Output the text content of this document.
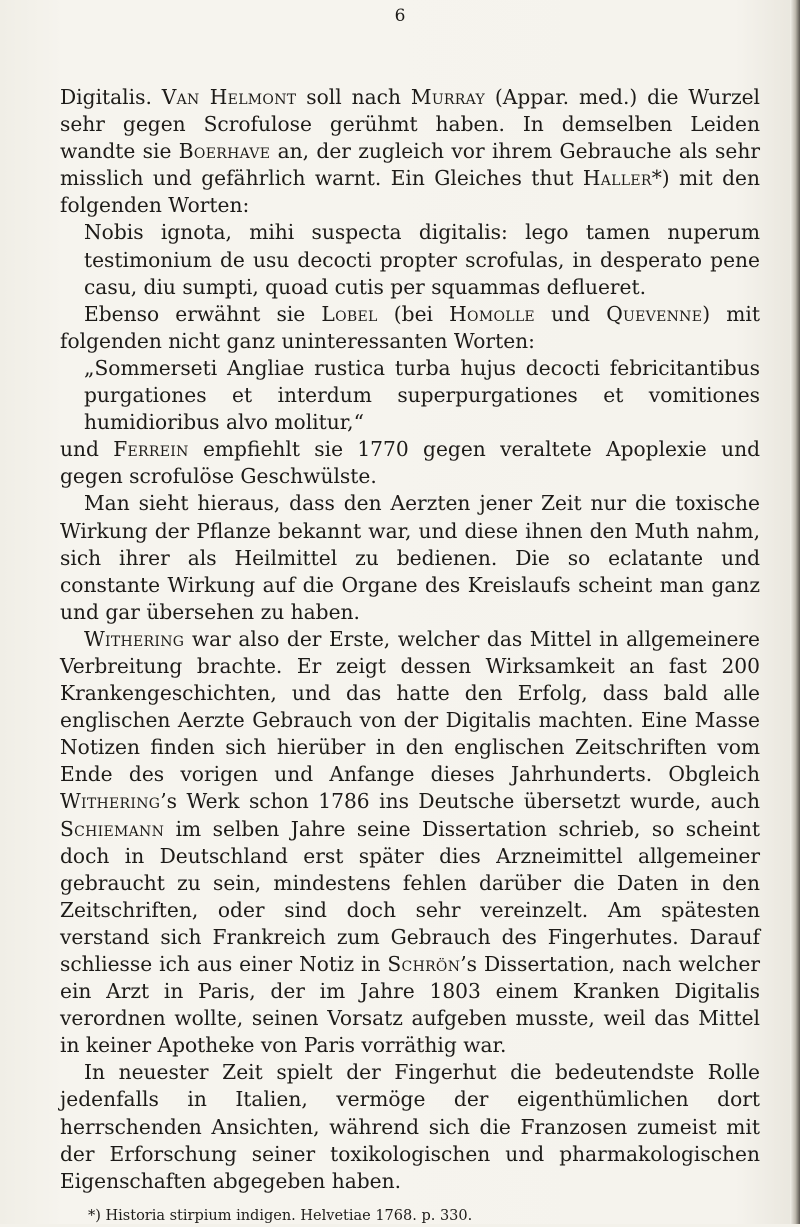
6

Digitalis. Van Helmont soll nach Murray (Appar. med.) die Wurzel sehr gegen Scrofulose gerühmt haben. In demselben Leiden wandte sie Boerhave an, der zugleich vor ihrem Gebrauche als sehr misslich und gefährlich warnt. Ein Gleiches thut Haller*) mit den folgenden Worten:

Nobis ignota, mihi suspecta digitalis: lego tamen nuperum testimonium de usu decocti propter scrofulas, in desperato pene casu, diu sumpti, quoad cutis per squammas deflueret.

Ebenso erwähnt sie Lobel (bei Homolle und Quevenne) mit folgenden nicht ganz uninteressanten Worten:

„Sommerseti Angliae rustica turba hujus decocti febricitantibus purgationes et interdum superpurgationes et vomitiones humidioribus alvo molitur,“

und Ferrein empfiehlt sie 1770 gegen veraltete Apoplexie und gegen scrofulöse Geschwülste.

Man sieht hieraus, dass den Aerzten jener Zeit nur die toxische Wirkung der Pflanze bekannt war, und diese ihnen den Muth nahm, sich ihrer als Heilmittel zu bedienen. Die so eclatante und constante Wirkung auf die Organe des Kreislaufs scheint man ganz und gar übersehen zu haben.

Withering war also der Erste, welcher das Mittel in allgemeinere Verbreitung brachte. Er zeigt dessen Wirksamkeit an fast 200 Krankengeschichten, und das hatte den Erfolg, dass bald alle englischen Aerzte Gebrauch von der Digitalis machten. Eine Masse Notizen finden sich hierüber in den englischen Zeitschriften vom Ende des vorigen und Anfange dieses Jahrhunderts. Obgleich Withering’s Werk schon 1786 ins Deutsche übersetzt wurde, auch Schiemann im selben Jahre seine Dissertation schrieb, so scheint doch in Deutschland erst später dies Arzneimittel allgemeiner gebraucht zu sein, mindestens fehlen darüber die Daten in den Zeitschriften, oder sind doch sehr vereinzelt. Am spätesten verstand sich Frankreich zum Gebrauch des Fingerhutes. Darauf schliesse ich aus einer Notiz in Schrön’s Dissertation, nach welcher ein Arzt in Paris, der im Jahre 1803 einem Kranken Digitalis verordnen wollte, seinen Vorsatz aufgeben musste, weil das Mittel in keiner Apotheke von Paris vorräthig war.

In neuester Zeit spielt der Fingerhut die bedeutendste Rolle jedenfalls in Italien, vermöge der eigenthümlichen dort herrschenden Ansichten, während sich die Franzosen zumeist mit der Erforschung seiner toxikologischen und pharmakologischen Eigenschaften abgegeben haben.

*) Historia stirpium indigen. Helvetiae 1768. p. 330.
